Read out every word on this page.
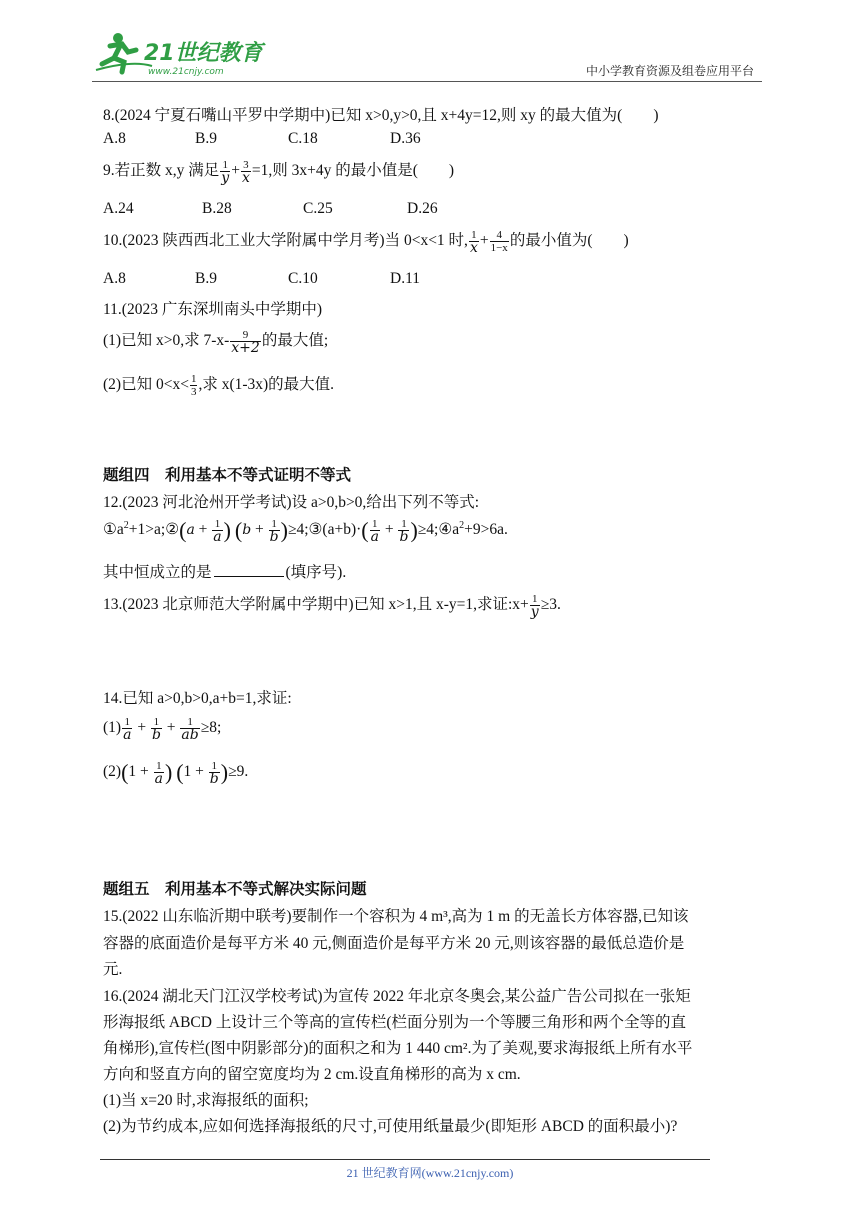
21世纪教育
www.21cnjy.com	中小学教育资源及组卷应用平台
8.(2024 宁夏石嘴山平罗中学期中)已知 x>0,y>0,且 x+4y=12,则 xy 的最大值为(　　)
A.8	B.9	C.18	D.36
9.若正数 x,y 满足 $\frac{1}{y} + \frac{3}{x} =1$,则 3x+4y 的最小值是(　　)
A.24	B.28	C.25	D.26
10.(2023 陕西西北工业大学附属中学月考)当 0<x<1 时, $\frac{1}{x} + \frac{4}{1-x}$ 的最小值为(　　)
A.8	B.9	C.10	D.11
11.(2023 广东深圳南头中学期中)
(1)已知 x>0,求 $7-x- \frac{9}{x+2}$ 的最大值;
(2)已知 $0<x< \frac{1}{3}$ ,求 x(1-3x)的最大值.
题组四　利用基本不等式证明不等式
12.(2023 河北沧州开学考试)设 a>0,b>0,给出下列不等式:
$①a^2+1>a;②(a + \frac{1}{a}$ ) ($b + \frac{1}{b}$ )≥4;③(a+b)·( $\frac{1}{a} + \frac{1}{b}$ )$\ge 4;④a^2+9>6a$.
其中恒成立的是	(填序号).
13.(2023 北京师范大学附属中学期中)已知 x>1,且 x-y=1,求证:x+ $\frac{1}{y} \ge 3$.
14.已知 a>0,b>0,a+b=1,求证:
$(1) \frac{1}{a} + \frac{1}{b} + \frac{1}{ab} \ge 8$;
$(2)(1 + \frac{1}{a}$ ) $(1 + \frac{1}{b} )\ge 9$.
题组五　利用基本不等式解决实际问题
15.(2022 山东临沂期中联考)要制作一个容积为 4 m³,高为 1 m 的无盖长方体容器,已知该
容器的底面造价是每平方米 40 元,侧面造价是每平方米 20 元,则该容器的最低总造价是
元.
16.(2024 湖北天门江汉学校考试)为宣传 2022 年北京冬奥会,某公益广告公司拟在一张矩
形海报纸 ABCD 上设计三个等高的宣传栏(栏面分别为一个等腰三角形和两个全等的直
角梯形),宣传栏(图中阴影部分)的面积之和为 1 440 cm².为了美观,要求海报纸上所有水平
方向和竖直方向的留空宽度均为 2 cm.设直角梯形的高为 x cm.
(1)当 x=20 时,求海报纸的面积;
(2)为节约成本,应如何选择海报纸的尺寸,可使用纸量最少(即矩形 ABCD 的面积最小)?
21 世纪教育网(www.21cnjy.com)
